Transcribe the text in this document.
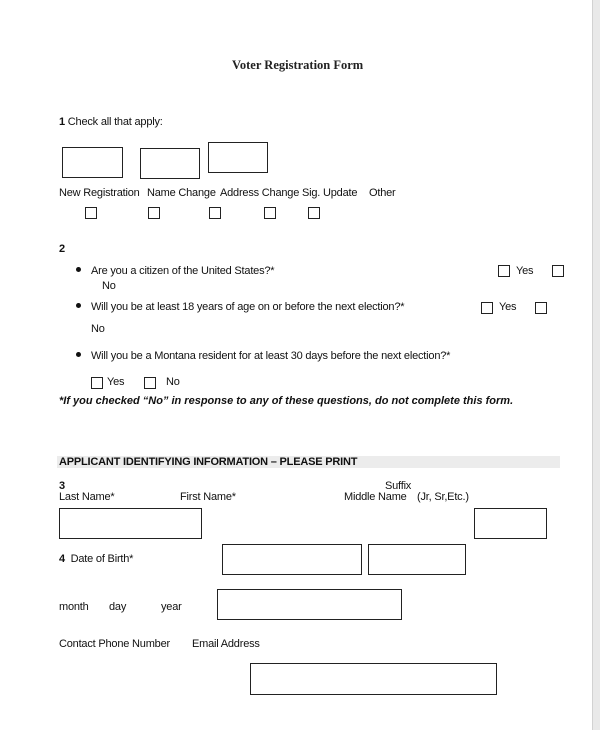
Voter Registration Form
1 Check all that apply:
New Registration Name Change Address Change Sig. Update Other
2
Are you a citizen of the United States?*	Yes
No
Will you be at least 18 years of age on or before the next election?*	Yes
No
Will you be a Montana resident for at least 30 days before the next election?*
Yes	No
*If you checked “No” in response to any of these questions, do not complete this form.
APPLICANT IDENTIFYING INFORMATION – PLEASE PRINT
3	Suffix
Last Name*	First Name*	Middle Name (Jr, Sr,Etc.)
4 Date of Birth*
month day	year
Contact Phone Number Email Address
